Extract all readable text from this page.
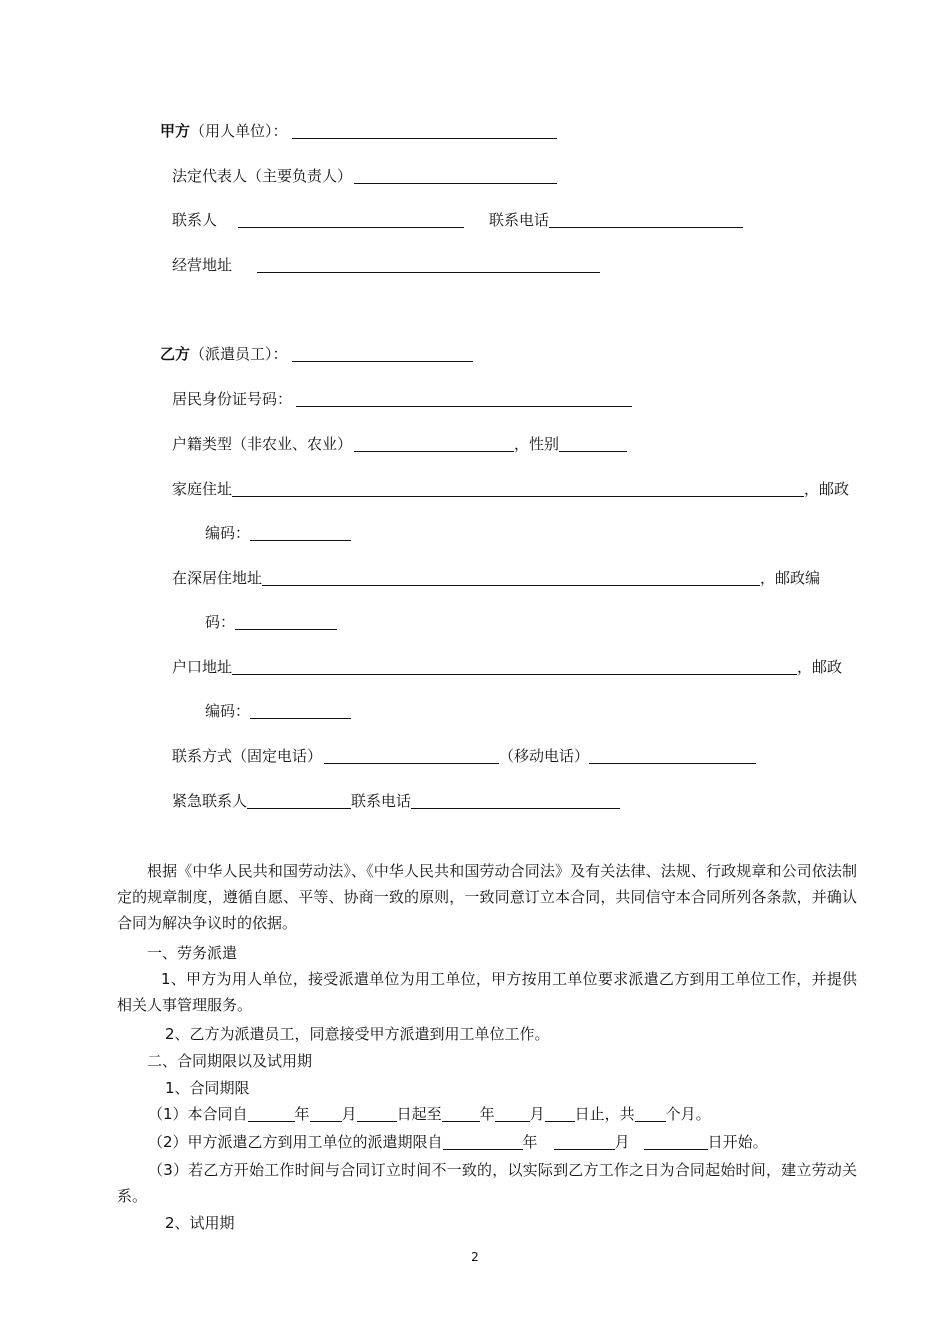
甲方（用人单位）：
法定代表人（主要负责人）
联系人	联系电话
经营地址
乙方（派遣员工）：
居民身份证号码：
户籍类型（非农业、农业）	，性别
家庭住址	，邮政
编码：
在深居住地址	，邮政编
码：
户口地址	，邮政
编码：
联系方式（固定电话）	（移动电话）
紧急联系人	联系电话
根据《中华人民共和国劳动法》、《中华人民共和国劳动合同法》及有关法律、法规、行政规章和公司依法制定的规章制度，遵循自愿、平等、协商一致的原则，一致同意订立本合同，共同信守本合同所列各条款，并确认合同为解决争议时的依据。
一、劳务派遣
1、甲方为用人单位，接受派遣单位为用工单位，甲方按用工单位要求派遣乙方到用工单位工作，并提供相关人事管理服务。
2、乙方为派遣员工，同意接受甲方派遣到用工单位工作。
二、合同期限以及试用期
1、合同期限
（1）本合同自	年 月	日起至	年 月 日止，共 个月。
（2）甲方派遣乙方到用工单位的派遣期限自	年	月	日开始。
（3）若乙方开始工作时间与合同订立时间不一致的，以实际到乙方工作之日为合同起始时间，建立劳动关系。
2、试用期
2
